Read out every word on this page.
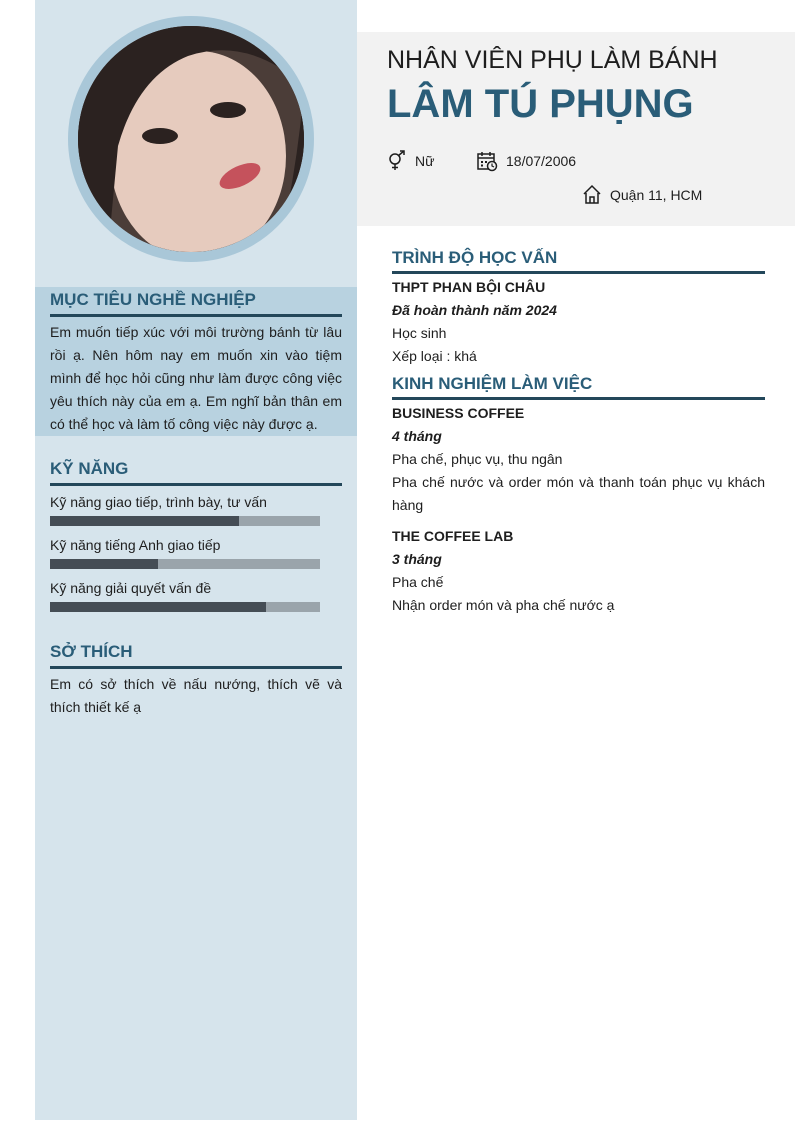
MỤC TIÊU NGHỀ NGHIỆP
Em muốn tiếp xúc với môi trường bánh từ lâu rồi ạ. Nên hôm nay em muốn xin vào tiệm mình để học hỏi cũng như làm được công việc yêu thích này của em ạ. Em nghĩ bản thân em có thể học và làm tố công việc này được ạ.
KỸ NĂNG
Kỹ năng giao tiếp, trình bày, tư vấn
Kỹ năng tiếng Anh giao tiếp
Kỹ năng giải quyết vấn đề
SỞ THÍCH
Em có sở thích về nấu nướng, thích vẽ và thích thiết kế ạ
NHÂN VIÊN PHỤ LÀM BÁNH
LÂM TÚ PHỤNG
Nữ	18/07/2006
Quận 11, HCM
TRÌNH ĐỘ HỌC VẤN
THPT PHAN BỘI CHÂU
Đã hoàn thành năm 2024
Học sinh
Xếp loại : khá
KINH NGHIỆM LÀM VIỆC
BUSINESS COFFEE
4 tháng
Pha chế, phục vụ, thu ngân
Pha chế nước và order món và thanh toán phục vụ khách hàng
THE COFFEE LAB
3 tháng
Pha chế
Nhận order món và pha chế nước ạ
